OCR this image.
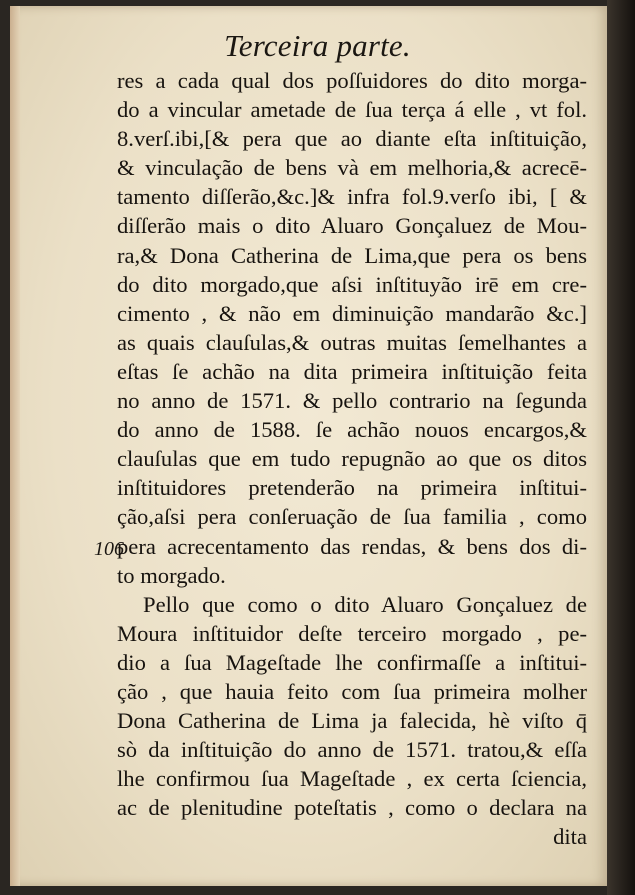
Terceira parte.
106
res a cada qual dos poſſuidores do dito morga-
do a vincular ametade de ſua terça á elle , vt fol.
8.verſ.ibi,[& pera que ao diante eſta inſtituição,
& vinculação de bens và em melhoria,& acrecē-
tamento diſſerão,&c.]& infra fol.9.verſo ibi, [ &
diſſerão mais o dito Aluaro Gonçaluez de Mou-
ra,& Dona Catherina de Lima,que pera os bens
do dito morgado,que aſsi inſtituyão irē em cre-
cimento , & não em diminuição mandarão &c.]
as quais clauſulas,& outras muitas ſemelhantes a
eſtas ſe achão na dita primeira inſtituição feita
no anno de 1571. & pello contrario na ſegunda
do anno de 1588. ſe achão nouos encargos,&
clauſulas que em tudo repugnão ao que os ditos
inſtituidores pretenderão na primeira inſtitui-
ção,aſsi pera conſeruação de ſua familia , como
pera acrecentamento das rendas, & bens dos di-
to morgado.
Pello que como o dito Aluaro Gonçaluez de
Moura inſtituidor deſte terceiro morgado , pe-
dio a ſua Mageſtade lhe confirmaſſe a inſtitui-
ção , que hauia feito com ſua primeira molher
Dona Catherina de Lima ja falecida, hè viſto q̄
sò da inſtituição do anno de 1571. tratou,& eſſa
lhe confirmou ſua Mageſtade , ex certa ſciencia,
ac de plenitudine poteſtatis , como o declara na
dita
